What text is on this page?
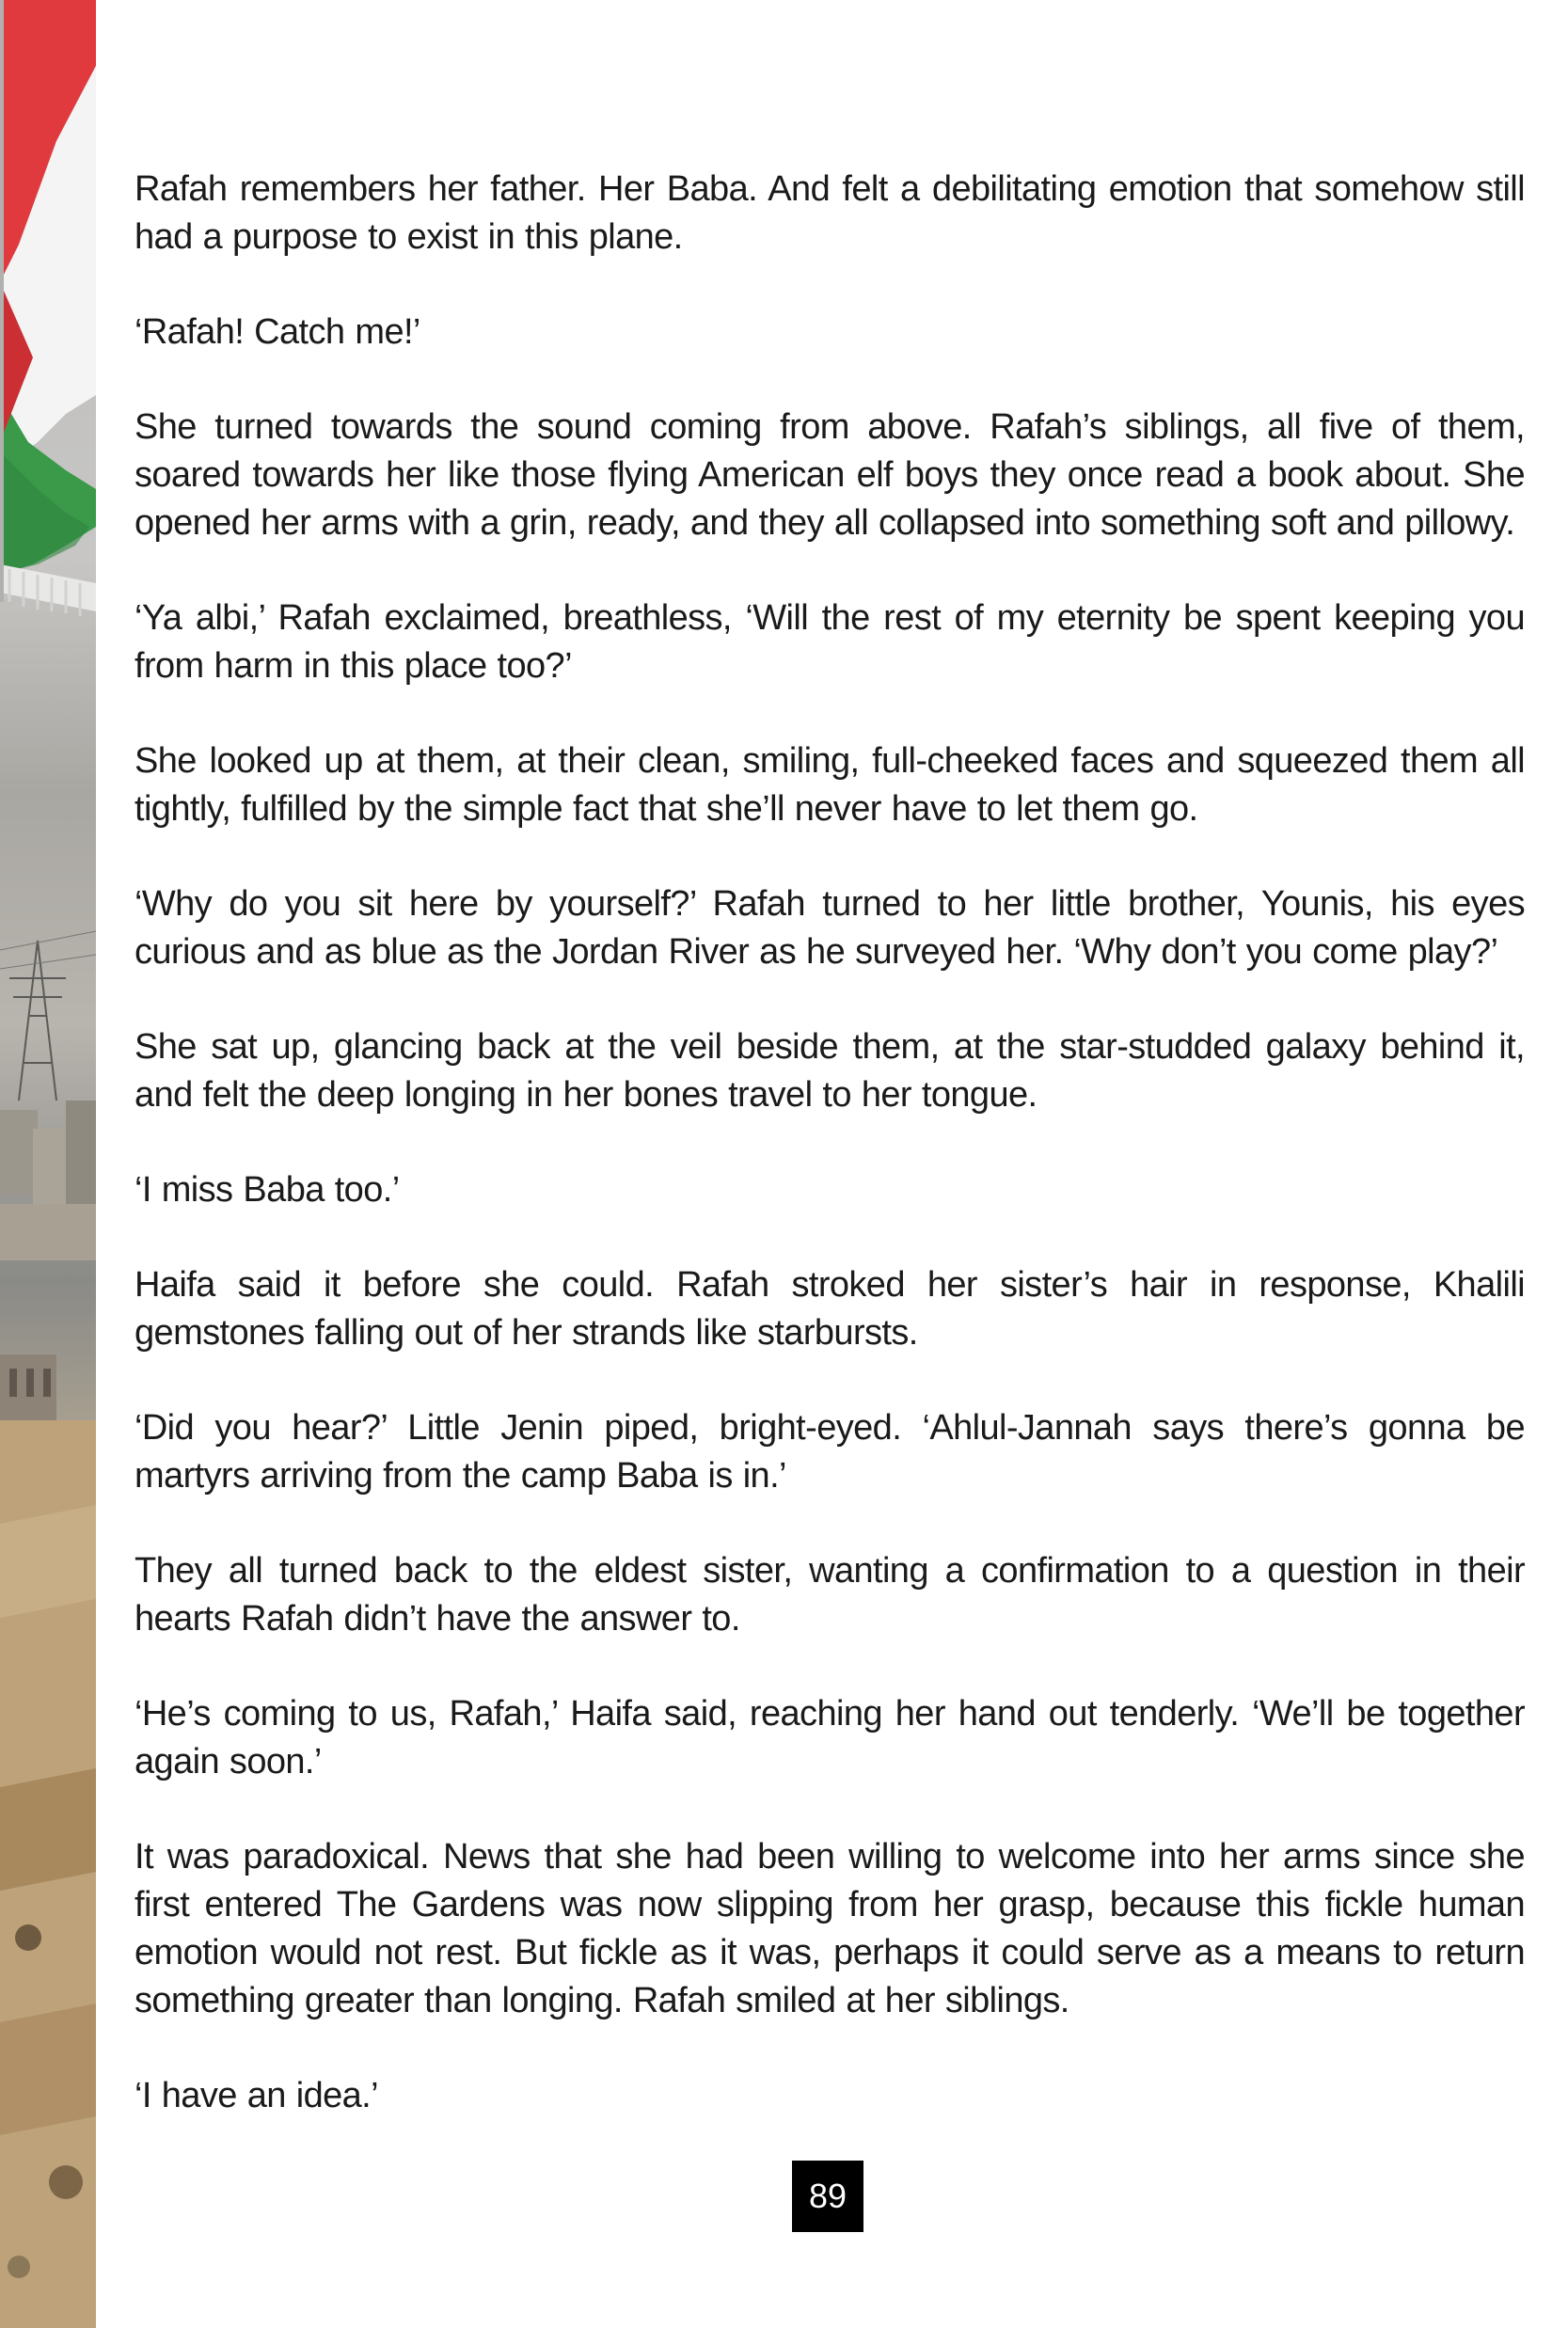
Rafah remembers her father. Her Baba. And felt a debilitating emotion that somehow still had a purpose to exist in this plane.

‘Rafah! Catch me!’

She turned towards the sound coming from above. Rafah’s siblings, all five of them, soared towards her like those flying American elf boys they once read a book about. She opened her arms with a grin, ready, and they all collapsed into something soft and pillowy.

‘Ya albi,’ Rafah exclaimed, breathless, ‘Will the rest of my eternity be spent keeping you from harm in this place too?’

She looked up at them, at their clean, smiling, full-cheeked faces and squeezed them all tightly, fulfilled by the simple fact that she’ll never have to let them go.

‘Why do you sit here by yourself?’ Rafah turned to her little brother, Younis, his eyes curious and as blue as the Jordan River as he surveyed her. ‘Why don’t you come play?’

She sat up, glancing back at the veil beside them, at the star-studded galaxy behind it, and felt the deep longing in her bones travel to her tongue.

‘I miss Baba too.’

Haifa said it before she could. Rafah stroked her sister’s hair in response, Khalili gemstones falling out of her strands like starbursts.

‘Did you hear?’ Little Jenin piped, bright-eyed. ‘Ahlul-Jannah says there’s gonna be martyrs arriving from the camp Baba is in.’

They all turned back to the eldest sister, wanting a confirmation to a question in their hearts Rafah didn’t have the answer to.

‘He’s coming to us, Rafah,’ Haifa said, reaching her hand out tenderly. ‘We’ll be together again soon.’

It was paradoxical. News that she had been willing to welcome into her arms since she first entered The Gardens was now slipping from her grasp, because this fickle human emotion would not rest. But fickle as it was, perhaps it could serve as a means to return something greater than longing. Rafah smiled at her siblings.

‘I have an idea.’

89
